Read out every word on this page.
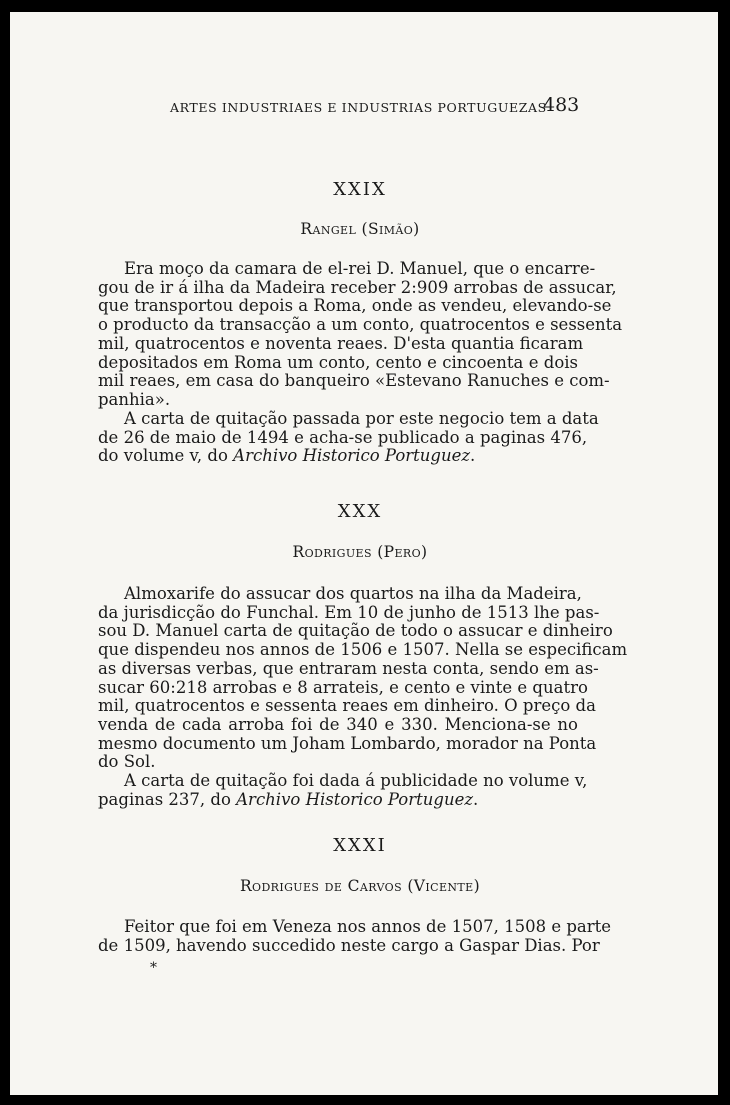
ARTES INDUSTRIAES E INDUSTRIAS PORTUGUEZAS
483
XXIX
Rangel (Simão)
Era moço da camara de el-rei D. Manuel, que o encarre-
gou de ir á ilha da Madeira receber 2:909 arrobas de assucar,
que transportou depois a Roma, onde as vendeu, elevando-se
o producto da transacção a um conto, quatrocentos e sessenta
mil, quatrocentos e noventa reaes. D'esta quantia ficaram
depositados em Roma um conto, cento e cincoenta e dois
mil reaes, em casa do banqueiro «Estevano Ranuches e com-
panhia».
A carta de quitação passada por este negocio tem a data
de 26 de maio de 1494 e acha-se publicado a paginas 476,
do volume v, do Archivo Historico Portuguez.
XXX
Rodrigues (Pero)
Almoxarife do assucar dos quartos na ilha da Madeira,
da jurisdicção do Funchal. Em 10 de junho de 1513 lhe pas-
sou D. Manuel carta de quitação de todo o assucar e dinheiro
que dispendeu nos annos de 1506 e 1507. Nella se especificam
as diversas verbas, que entraram nesta conta, sendo em as-
sucar 60:218 arrobas e 8 arrateis, e cento e vinte e quatro
mil, quatrocentos e sessenta reaes em dinheiro. O preço da
venda de cada arroba foi de 340 e 330. Menciona-se no
mesmo documento um Joham Lombardo, morador na Ponta
do Sol.
A carta de quitação foi dada á publicidade no volume v,
paginas 237, do Archivo Historico Portuguez.
XXXI
Rodrigues de Carvos (Vicente)
Feitor que foi em Veneza nos annos de 1507, 1508 e parte
de 1509, havendo succedido neste cargo a Gaspar Dias. Por
*
